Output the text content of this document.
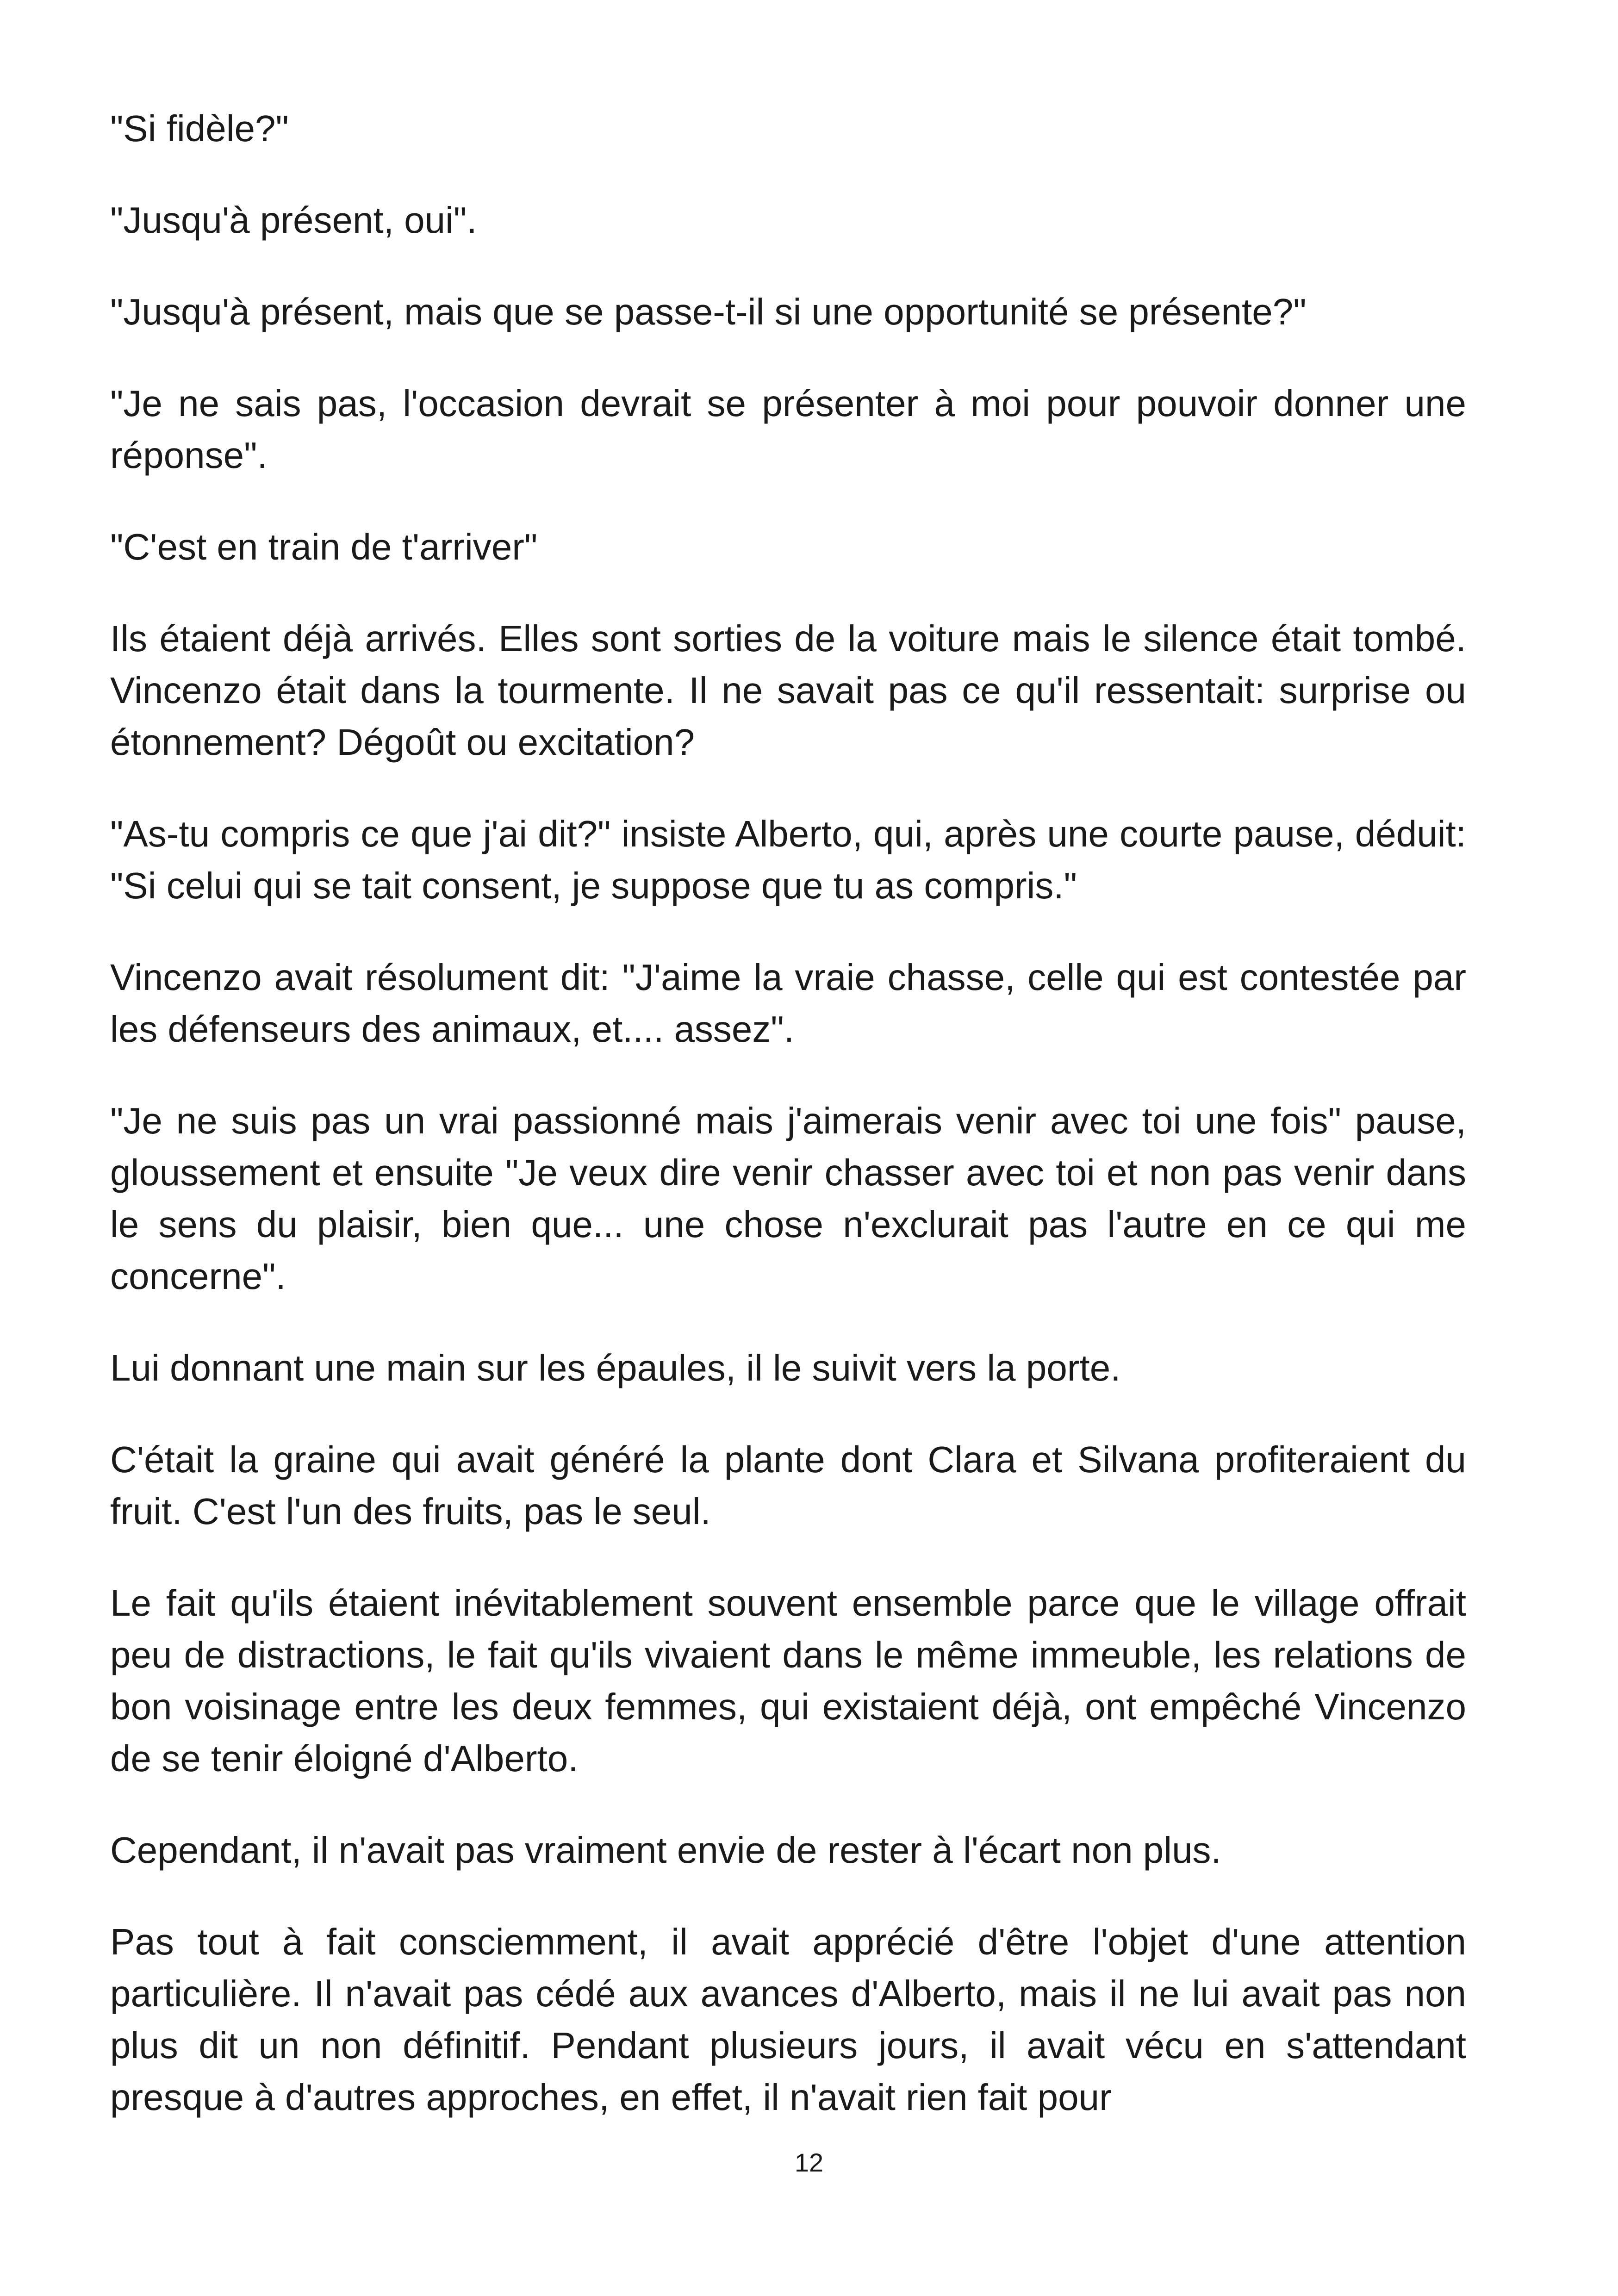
"Si fidèle?"

"Jusqu'à présent, oui".

"Jusqu'à présent, mais que se passe-t-il si une opportunité se présente?"

"Je ne sais pas, l'occasion devrait se présenter à moi pour pouvoir donner une réponse".

"C'est en train de t'arriver"

Ils étaient déjà arrivés. Elles sont sorties de la voiture mais le silence était tombé. Vincenzo était dans la tourmente. Il ne savait pas ce qu'il ressentait: surprise ou étonnement? Dégoût ou excitation?

"As-tu compris ce que j'ai dit?" insiste Alberto, qui, après une courte pause, déduit: "Si celui qui se tait consent, je suppose que tu as compris."

Vincenzo avait résolument dit: "J'aime la vraie chasse, celle qui est contestée par les défenseurs des animaux, et.... assez".

"Je ne suis pas un vrai passionné mais j'aimerais venir avec toi une fois" pause, gloussement et ensuite "Je veux dire venir chasser avec toi et non pas venir dans le sens du plaisir, bien que... une chose n'exclurait pas l'autre en ce qui me concerne".

Lui donnant une main sur les épaules, il le suivit vers la porte.

C'était la graine qui avait généré la plante dont Clara et Silvana profiteraient du fruit. C'est l'un des fruits, pas le seul.

Le fait qu'ils étaient inévitablement souvent ensemble parce que le village offrait peu de distractions, le fait qu'ils vivaient dans le même immeuble, les relations de bon voisinage entre les deux femmes, qui existaient déjà, ont empêché Vincenzo de se tenir éloigné d'Alberto.

Cependant, il n'avait pas vraiment envie de rester à l'écart non plus.

Pas tout à fait consciemment, il avait apprécié d'être l'objet d'une attention particulière. Il n'avait pas cédé aux avances d'Alberto, mais il ne lui avait pas non plus dit un non définitif. Pendant plusieurs jours, il avait vécu en s'attendant presque à d'autres approches, en effet, il n'avait rien fait pour

12
